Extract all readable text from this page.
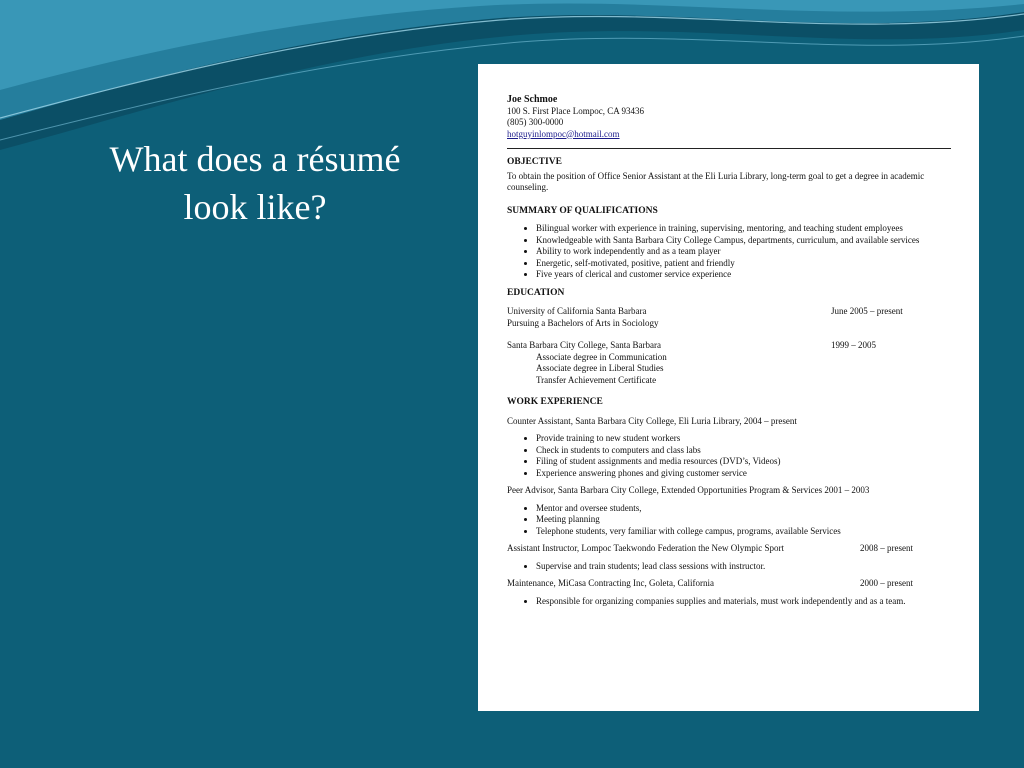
What does a résumé
look like?
Joe Schmoe
100 S. First Place Lompoc, CA 93436
(805) 300-0000
hotguyinlompoc@hotmail.com
OBJECTIVE
To obtain the position of Office Senior Assistant at the Eli Luria Library, long-term goal to get a degree in academic counseling.
SUMMARY OF QUALIFICATIONS
• Bilingual worker with experience in training, supervising, mentoring, and teaching student employees
• Knowledgeable with Santa Barbara City College Campus, departments, curriculum, and available services
• Ability to work independently and as a team player
• Energetic, self-motivated, positive, patient and friendly
• Five years of clerical and customer service experience
EDUCATION
University of California Santa Barbara	June 2005 – present
Pursuing a Bachelors of Arts in Sociology
Santa Barbara City College, Santa Barbara	1999 – 2005
Associate degree in Communication
Associate degree in Liberal Studies
Transfer Achievement Certificate
WORK EXPERIENCE
Counter Assistant, Santa Barbara City College, Eli Luria Library, 2004 – present
• Provide training to new student workers
• Check in students to computers and class labs
• Filing of student assignments and media resources (DVD’s, Videos)
• Experience answering phones and giving customer service
Peer Advisor, Santa Barbara City College, Extended Opportunities Program & Services 2001 – 2003
• Mentor and oversee students,
• Meeting planning
• Telephone students, very familiar with college campus, programs, available Services
Assistant Instructor, Lompoc Taekwondo Federation the New Olympic Sport	2008 – present
• Supervise and train students; lead class sessions with instructor.
Maintenance, MiCasa Contracting Inc, Goleta, California	2000 – present
• Responsible for organizing companies supplies and materials, must work independently and as a team.
